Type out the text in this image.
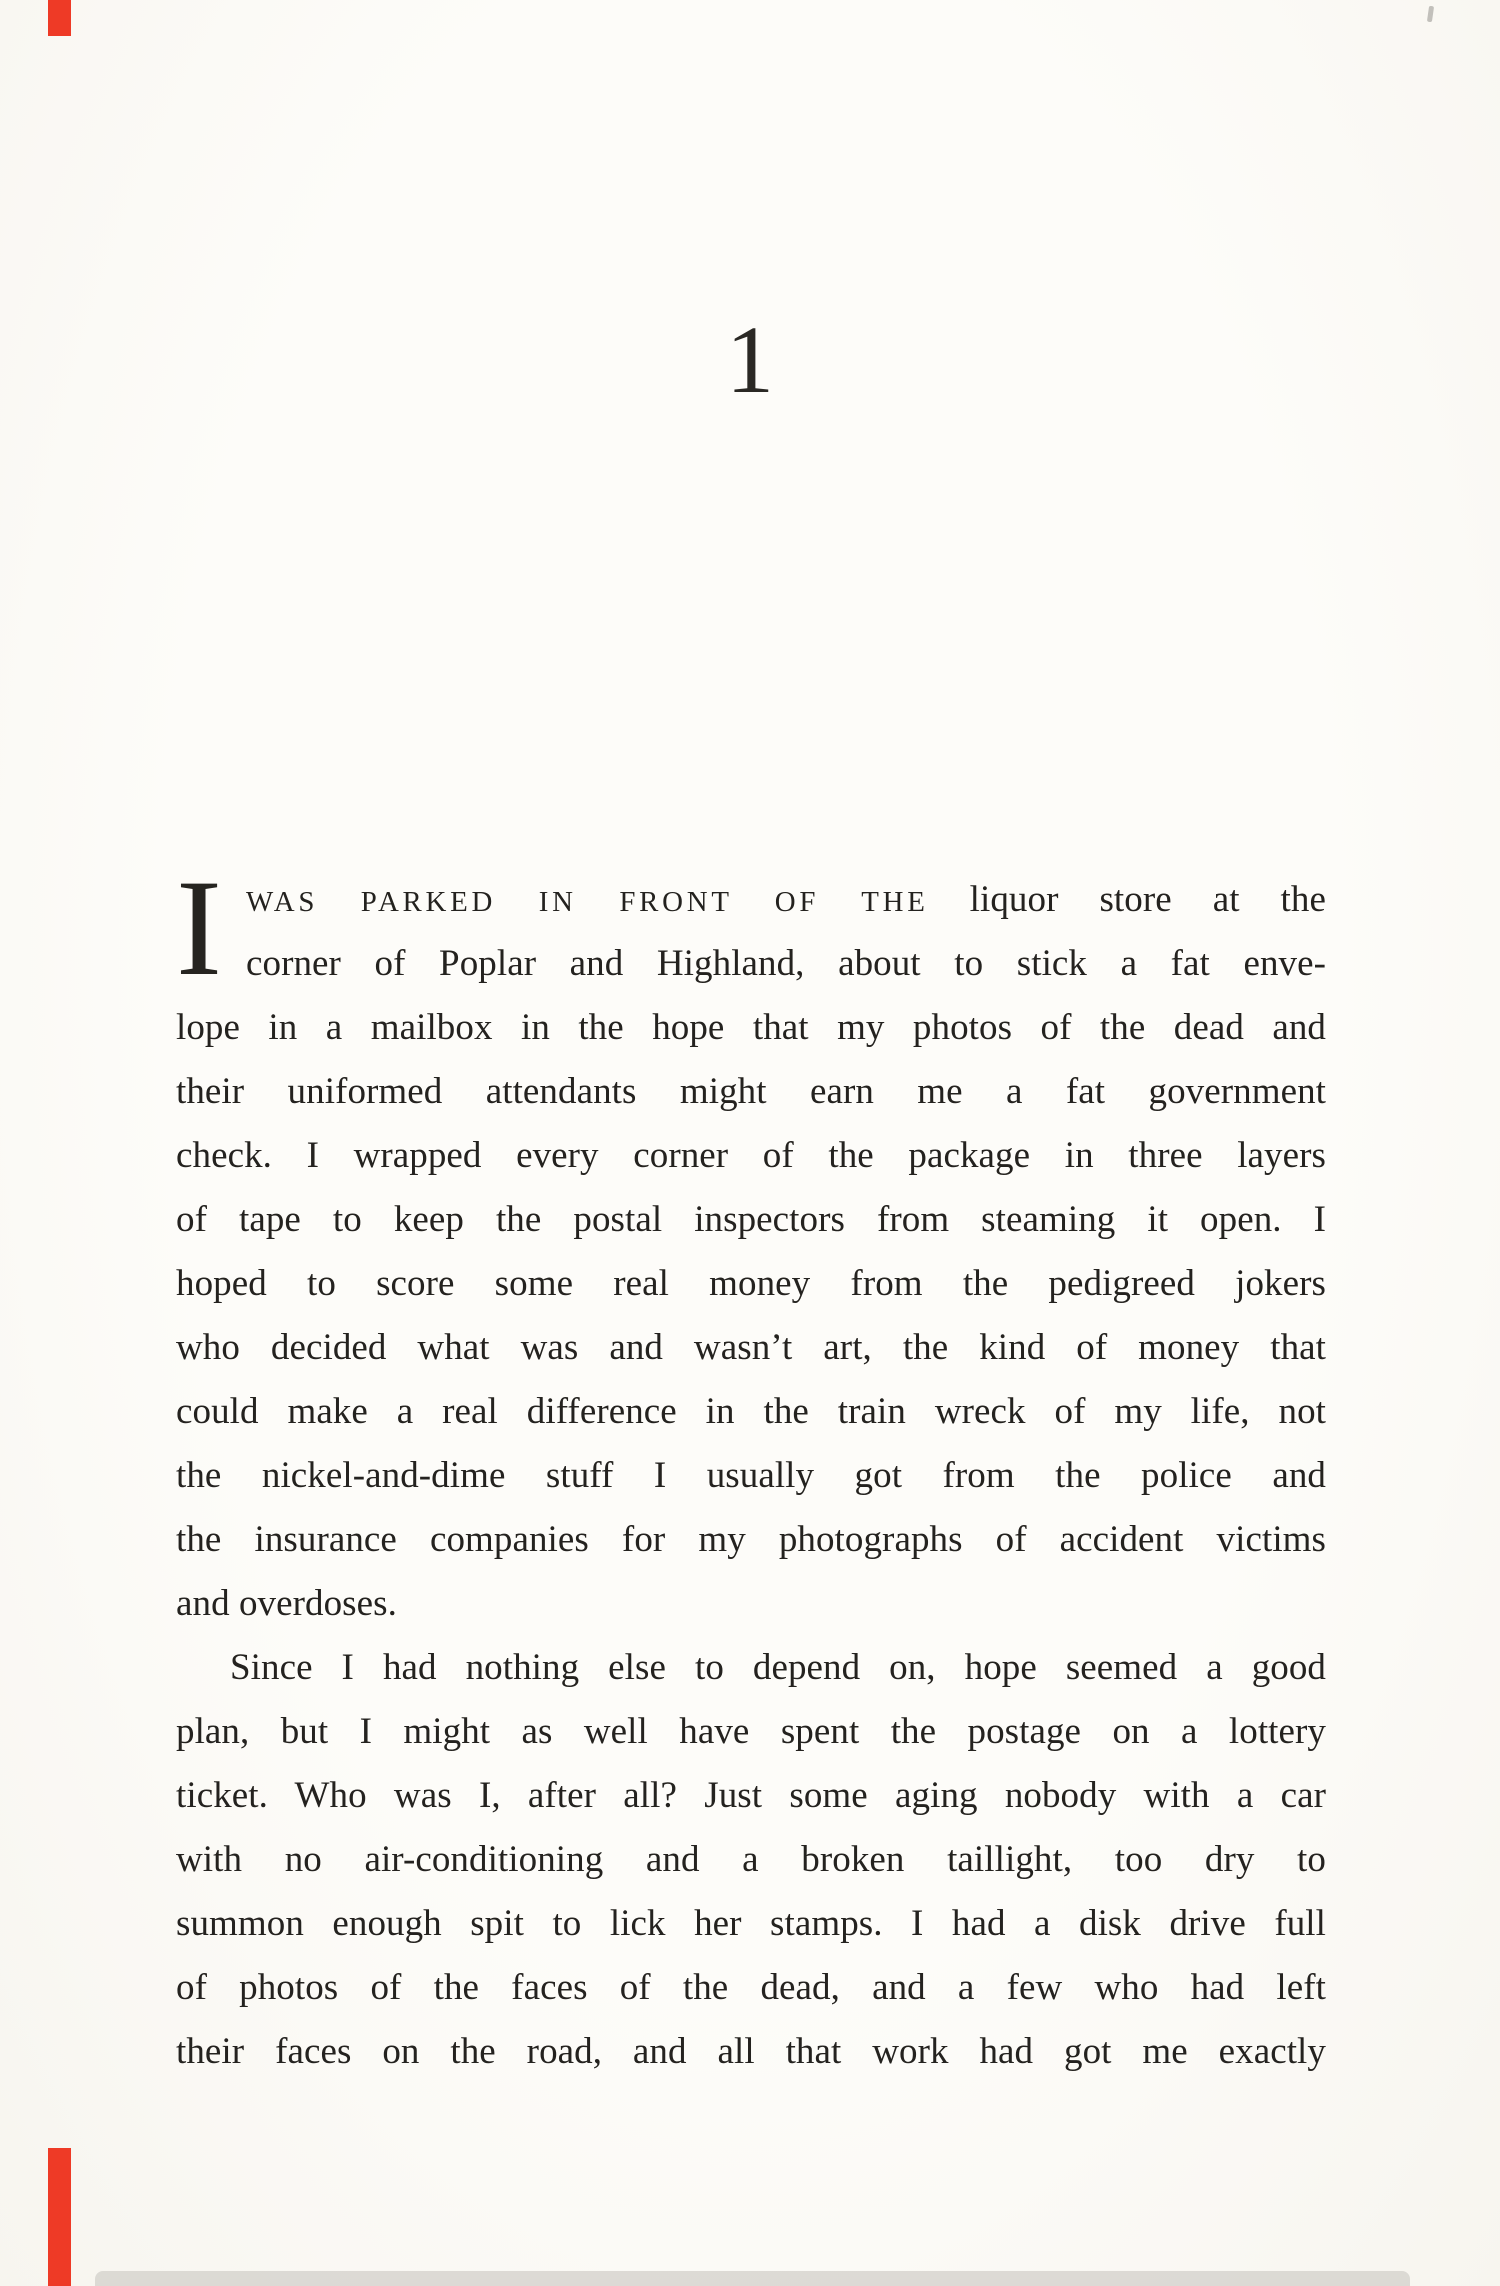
1
I WAS PARKED IN FRONT OF THE liquor store at the
corner of Poplar and Highland, about to stick a fat enve-
lope in a mailbox in the hope that my photos of the dead and
their uniformed attendants might earn me a fat government
check. I wrapped every corner of the package in three layers
of tape to keep the postal inspectors from steaming it open. I
hoped to score some real money from the pedigreed jokers
who decided what was and wasn’t art, the kind of money that
could make a real difference in the train wreck of my life, not
the nickel-and-dime stuff I usually got from the police and
the insurance companies for my photographs of accident victims
and overdoses.
Since I had nothing else to depend on, hope seemed a good
plan, but I might as well have spent the postage on a lottery
ticket. Who was I, after all? Just some aging nobody with a car
with no air-conditioning and a broken taillight, too dry to
summon enough spit to lick her stamps. I had a disk drive full
of photos of the faces of the dead, and a few who had left
their faces on the road, and all that work had got me exactly
